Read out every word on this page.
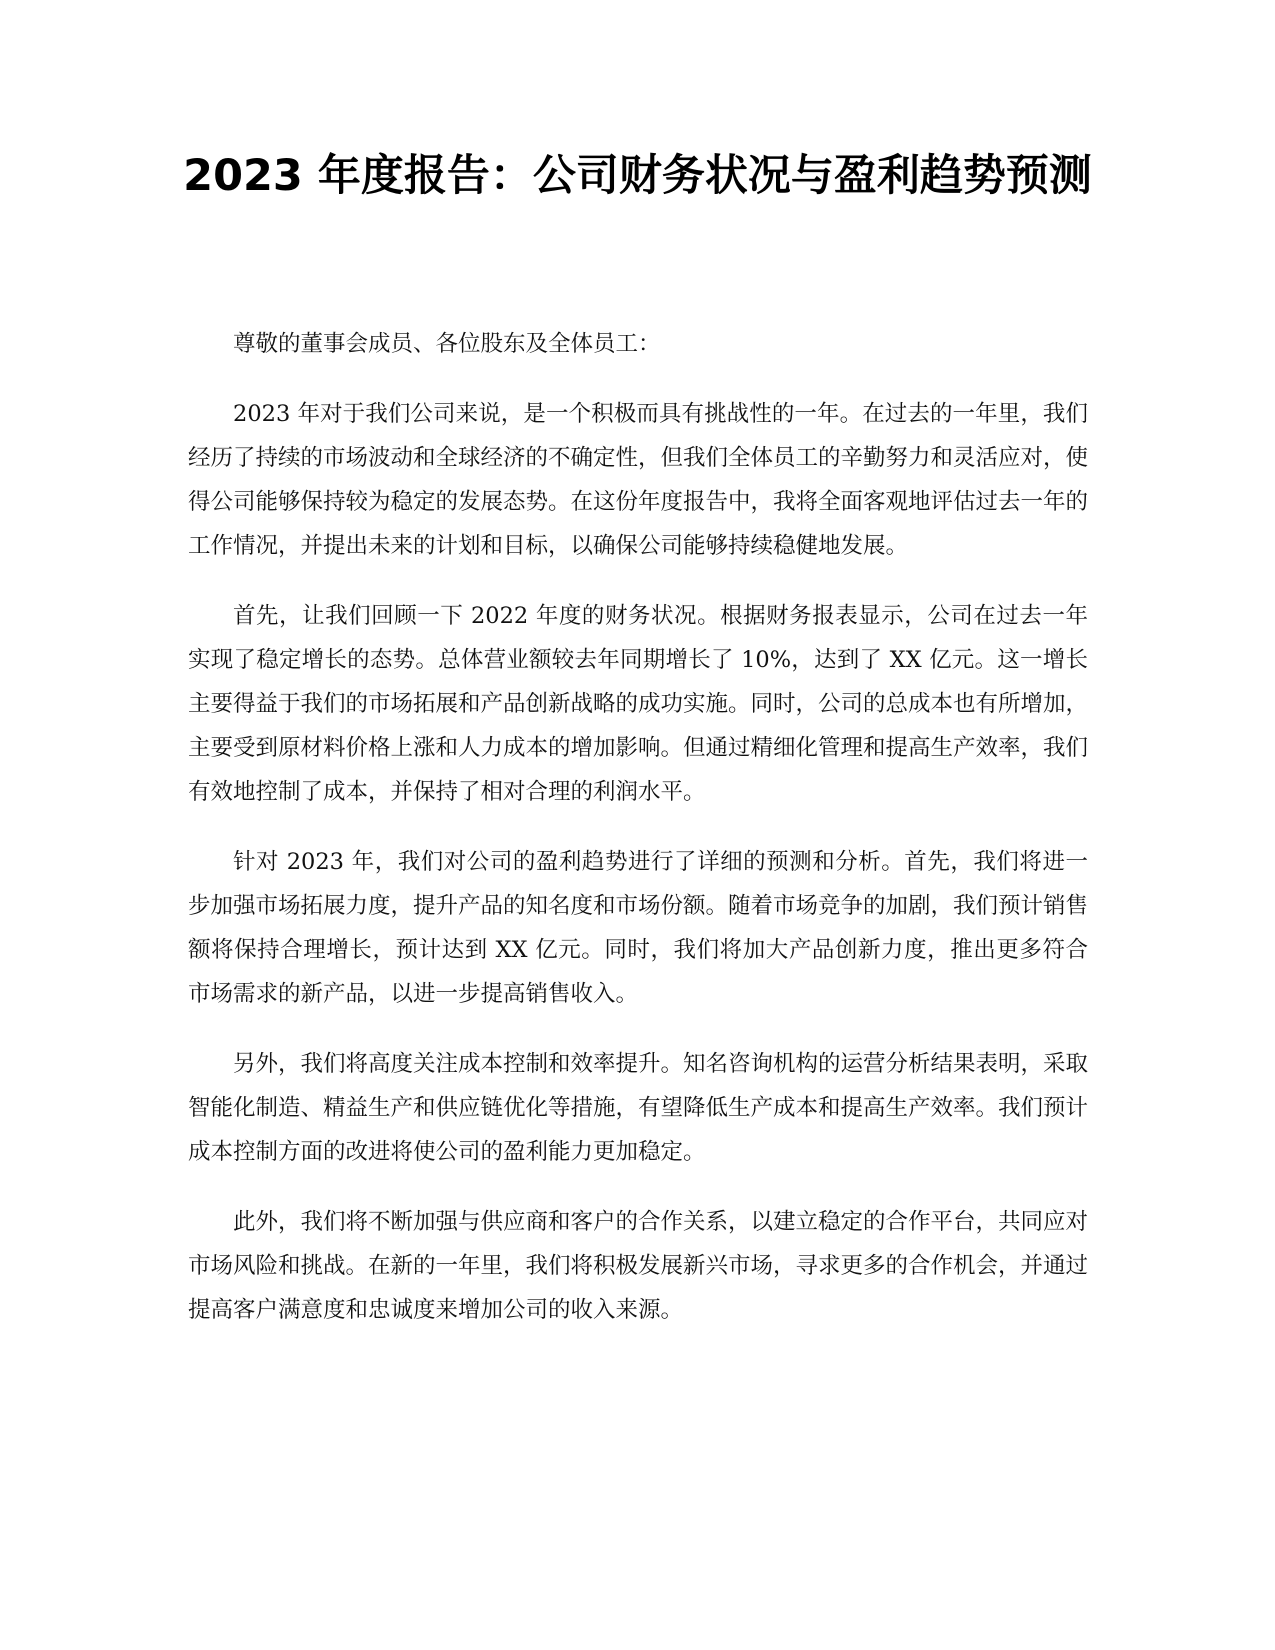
2023 年度报告：公司财务状况与盈利趋势预测

尊敬的董事会成员、各位股东及全体员工：

2023 年对于我们公司来说，是一个积极而具有挑战性的一年。在过去的一年里，我们经历了持续的市场波动和全球经济的不确定性，但我们全体员工的辛勤努力和灵活应对，使得公司能够保持较为稳定的发展态势。在这份年度报告中，我将全面客观地评估过去一年的工作情况，并提出未来的计划和目标，以确保公司能够持续稳健地发展。

首先，让我们回顾一下 2022 年度的财务状况。根据财务报表显示，公司在过去一年实现了稳定增长的态势。总体营业额较去年同期增长了 10%，达到了 XX 亿元。这一增长主要得益于我们的市场拓展和产品创新战略的成功实施。同时，公司的总成本也有所增加，主要受到原材料价格上涨和人力成本的增加影响。但通过精细化管理和提高生产效率，我们有效地控制了成本，并保持了相对合理的利润水平。

针对 2023 年，我们对公司的盈利趋势进行了详细的预测和分析。首先，我们将进一步加强市场拓展力度，提升产品的知名度和市场份额。随着市场竞争的加剧，我们预计销售额将保持合理增长，预计达到 XX 亿元。同时，我们将加大产品创新力度，推出更多符合市场需求的新产品，以进一步提高销售收入。

另外，我们将高度关注成本控制和效率提升。知名咨询机构的运营分析结果表明，采取智能化制造、精益生产和供应链优化等措施，有望降低生产成本和提高生产效率。我们预计成本控制方面的改进将使公司的盈利能力更加稳定。

此外，我们将不断加强与供应商和客户的合作关系，以建立稳定的合作平台，共同应对市场风险和挑战。在新的一年里，我们将积极发展新兴市场，寻求更多的合作机会，并通过提高客户满意度和忠诚度来增加公司的收入来源。
